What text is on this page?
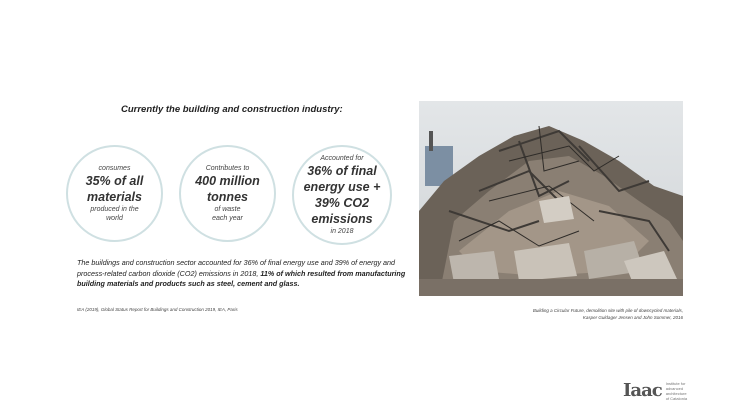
Currently the building and construction industry:
consumes
35% of all
materials
produced in the
world
Contributes to
400 million
tonnes
of waste
each year
Accounted for
36% of final
energy use +
39% CO2
emissions
in 2018
The buildings and construction sector accounted for 36% of final energy use and 39% of energy and process-related carbon dioxide (CO2) emissions in 2018, 11% of which resulted from manufacturing building materials and products such as steel, cement and glass.
IEA (2019), Global Status Report for Buildings and Construction 2019, IEA, Paris	Building a Circular Future, demolition site with pile of downcycled materials,
Kasper Guldager Jensen and John Sommer, 2016
Iaac Institute for
advanced
architecture
of Catalonia
